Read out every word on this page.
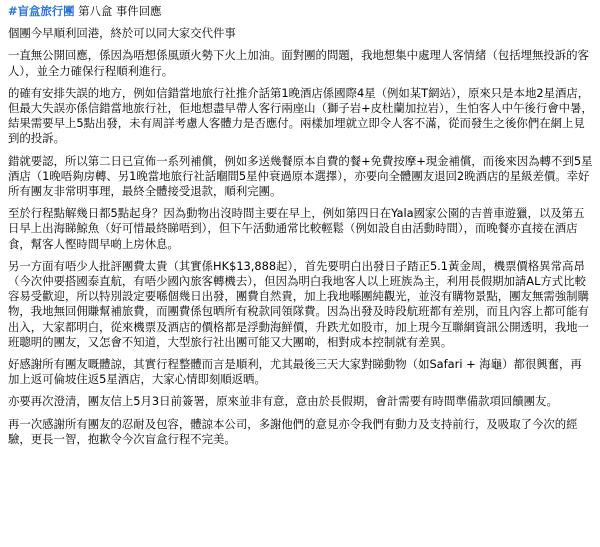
#盲盒旅行團 第八盒 事件回應

個團今早順利回港，終於可以同大家交代件事

一直無公開回應，係因為唔想係風頭火勢下火上加油。面對團的問題，我地想集中處理人客情緒（包括埋無投訴的客人），並全力確保行程順利進行。

的確有安排失誤的地方，例如信錯當地旅行社推介話第1晚酒店係國際4星（例如某T網站），原來只是本地2星酒店，但最大失誤亦係信錯當地旅行社，佢地想盡早帶人客行兩座山（獅子岩+皮杜蘭加拉岩），生怕客人中午後行會中暑，結果需要早上5點出發，未有周詳考慮人客體力是否應付。兩樣加埋就立即令人客不滿，從而發生之後你們在網上見到的投訴。

錯就要認，所以第二日已宣佈一系列補償，例如多送幾餐原本自費的餐+免費按摩+現金補償，而後來因為轉不到5星酒店（1晚唔夠房轉、另1晚當地旅行社話嗰間5星仲衰過原本選擇），亦要向全體團友退回2晚酒店的星級差價。幸好所有團友非常明事理，最終全體接受退款，順利完團。

至於行程點解幾日都5點起身？因為動物出沒時間主要在早上，例如第四日在Yala國家公園的吉普車遊獵，以及第五日早上出海睇鯨魚（好可惜最終睇唔到），但下午活動通常比較輕鬆（例如設自由活動時間），而晚餐亦直接在酒店食，幫客人慳時間早啲上房休息。

另一方面有唔少人批評團費太貴（其實係HK$13,888起），首先要明白出發日子踏正5.1黃金周，機票價格異常高昂（今次仲要搭國泰直航，有唔少國內旅客轉機去），但因為明白我地客人以上班族為主，利用長假期加請AL方式比較容易受歡迎，所以特別設定要喺個幾日出發，團費自然貴，加上我地喺團純觀光，並沒有購物景點，團友無需強制購物，我地無回佣賺幫補旅費，而團費係包晒所有稅款同領隊費。因為出發及時段航班都有差別，而且內容上都可能有出入，大家都明白，從來機票及酒店的價格都是浮動海鮮價，升跌尤如股市，加上現今互聯網資訊公開透明，我地一班聰明的團友，又怎會不知道，大型旅行社出團可能又大團啲，相對成本控制就有差異。

好感謝所有團友嘅體諒，其實行程整體而言是順利，尤其最後三天大家對睇動物（如Safari + 海龜）都很興奮，再加上返可倫坡住返5星酒店，大家心情即刻順返晒。

亦要再次澄清，團友信上5月3日前簽署，原來並非有意，意由於長假期，會計需要有時間準備款項回饋團友。

再一次感謝所有團友的忍耐及包容，體諒本公司，多謝他們的意見亦令我們有動力及支持前行，及吸取了今次的經驗，更長一智，抱歉令今次盲盒行程不完美。
